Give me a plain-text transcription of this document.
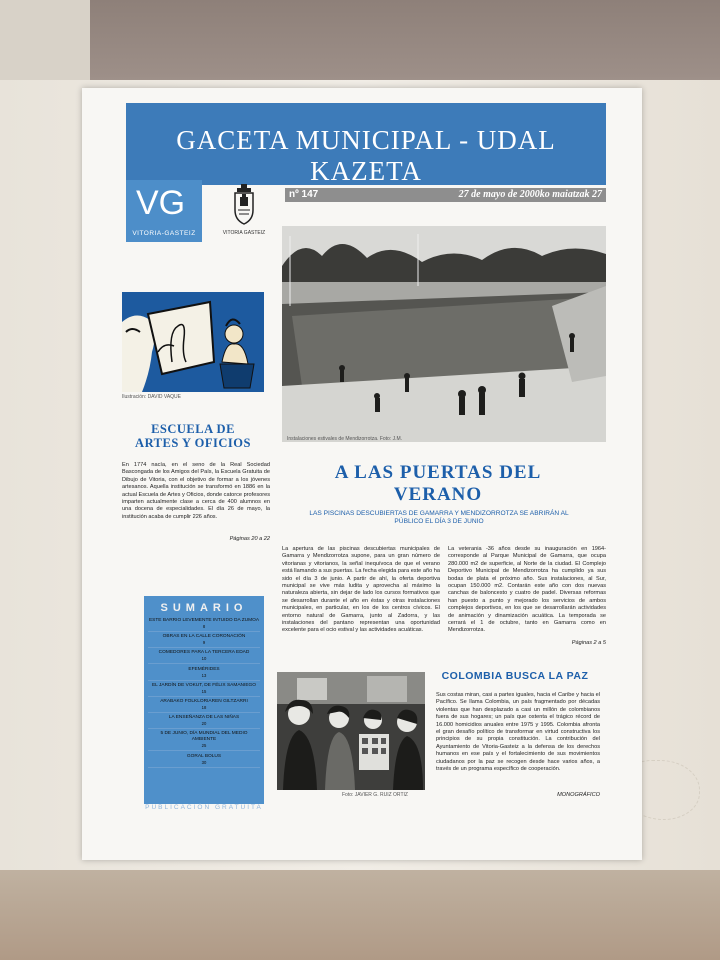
GACETA MUNICIPAL - UDAL KAZETA
VG
VITORIA-GASTEIZ	VITORIA GASTEIZ
nº 147	27 de mayo de 2000ko maiatzak 27
Instalaciones estivales de Mendizorrotza. Foto: J.M.
Ilustración: DAVID VAQUE
ESCUELA DE ARTES Y OFICIOS
En 1774 nacía, en el seno de la Real Sociedad Bascongada de los Amigos del País, la Escuela Gratuita de Dibujo de Vitoria, con el objetivo de formar a los jóvenes artesanos. Aquella institución se transformó en 1886 en la actual Escuela de Artes y Oficios, donde catorce profesores imparten actualmente clase a cerca de 400 alumnos en una docena de especialidades. El día 26 de mayo, la institución acaba de cumplir 226 años.
Páginas 20 a 22
A LAS PUERTAS DEL VERANO
LAS PISCINAS DESCUBIERTAS DE GAMARRA Y MENDIZORROTZA SE ABRIRÁN AL PÚBLICO EL DÍA 3 DE JUNIO
La apertura de las piscinas descubiertas municipales de Gamarra y Mendizorrotza supone, para un gran número de vitorianas y vitorianos, la señal inequívoca de que el verano está llamando a sus puertas. La fecha elegida para este año ha sido el día 3 de junio. A partir de ahí, la oferta deportiva municipal se vive más ludita y aprovecha al máximo la naturaleza abierta, sin dejar de lado los cursos formativos que se desarrollan durante el año en éstas y otras instalaciones municipales, en particular, en los de los centros cívicos. El entorno natural de Gamarra, junto al Zadorra, y las instalaciones del pantano representan una oportunidad excelente para el ocio estival y las actividades acuáticas.
La veterania -36 años desde su inauguración en 1964- corresponde al Parque Municipal de Gamarra, que ocupa 280.000 m2 de superficie, al Norte de la ciudad. El Complejo Deportivo Municipal de Mendizorrotza ha cumplido ya sus bodas de plata el próximo año. Sus instalaciones, al Sur, ocupan 150.000 m2. Contarán este año con dos nuevas canchas de baloncesto y cuatro de padel. Diversas reformas han puesto a punto y mejorado los servicios de ambos complejos deportivos, en los que se desarrollarán actividades de animación y dinamización acuática. La temporada se cerrará el 1 de octubre, tanto en Gamarra como en Mendizorrotza.
Páginas 2 a 5
SUMARIO
ESTE BARRIO LEVEMENTE INTUIDO DA ZUMOA
8
OBRAS EN LA CALLE CORONACIÓN
9
COMEDORES PARA LA TERCERA EDAD
10
EFEMÉRIDES
13
EL JARDÍN DE VOKUT, DE FÉLIX SAMANIEGO
15
ARABAKO FOLKLORIAREN GILTZARRI
18
LA ENSEÑANZA DE LAS NIÑAS
20
5 DE JUNIO, DÍA MUNDIAL DEL MEDIO AMBIENTE
25
GORAL BOLUS
30
PUBLICACIÓN GRATUITA
Foto: JAVIER G. RUIZ ORTIZ
COLOMBIA BUSCA LA PAZ
Sus costas miran, casi a partes iguales, hacia el Caribe y hacia el Pacífico. Se llama Colombia, un país fragmentado por décadas violentas que han desplazado a casi un millón de colombianos fuera de sus hogares; un país que ostenta el trágico récord de 16.000 homicidios anuales entre 1975 y 1995. Colombia afronta el gran desafío político de transformar en virtud constructiva los principios de su propia constitución. La contribución del Ayuntamiento de Vitoria-Gasteiz a la defensa de los derechos humanos en ese país y el fortalecimiento de sus movimientos ciudadanos por la paz se recogen desde hace varios años, a través de un programa específico de cooperación.
MONOGRÁFICO
